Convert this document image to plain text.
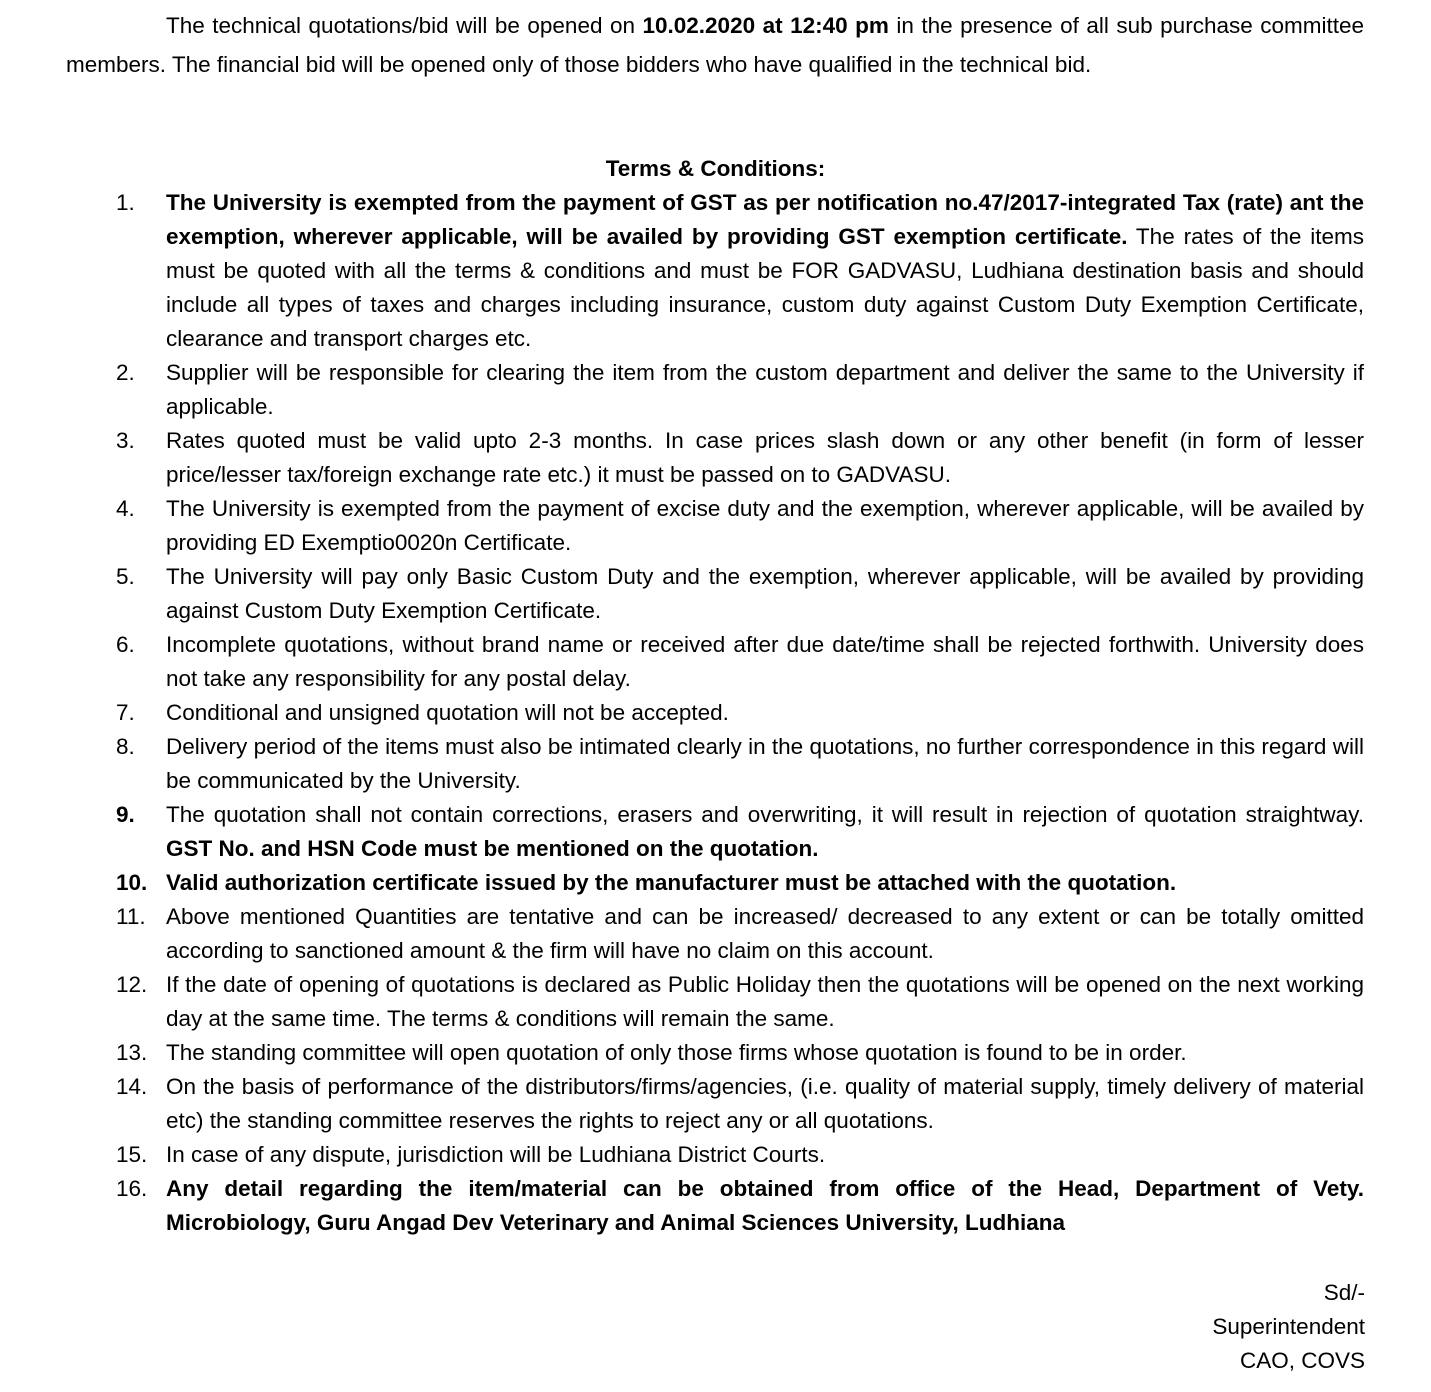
The technical quotations/bid will be opened on 10.02.2020 at 12:40 pm in the presence of all sub purchase committee members. The financial bid will be opened only of those bidders who have qualified in the technical bid.

Terms & Conditions:
1. The University is exempted from the payment of GST as per notification no.47/2017-integrated Tax (rate) ant the exemption, wherever applicable, will be availed by providing GST exemption certificate. The rates of the items must be quoted with all the terms & conditions and must be FOR GADVASU, Ludhiana destination basis and should include all types of taxes and charges including insurance, custom duty against Custom Duty Exemption Certificate, clearance and transport charges etc.
2. Supplier will be responsible for clearing the item from the custom department and deliver the same to the University if applicable.
3. Rates quoted must be valid upto 2-3 months. In case prices slash down or any other benefit (in form of lesser price/lesser tax/foreign exchange rate etc.) it must be passed on to GADVASU.
4. The University is exempted from the payment of excise duty and the exemption, wherever applicable, will be availed by providing ED Exemptio0020n Certificate.
5. The University will pay only Basic Custom Duty and the exemption, wherever applicable, will be availed by providing against Custom Duty Exemption Certificate.
6. Incomplete quotations, without brand name or received after due date/time shall be rejected forthwith. University does not take any responsibility for any postal delay.
7. Conditional and unsigned quotation will not be accepted.
8. Delivery period of the items must also be intimated clearly in the quotations, no further correspondence in this regard will be communicated by the University.
9. The quotation shall not contain corrections, erasers and overwriting, it will result in rejection of quotation straightway. GST No. and HSN Code must be mentioned on the quotation.
10. Valid authorization certificate issued by the manufacturer must be attached with the quotation.
11. Above mentioned Quantities are tentative and can be increased/ decreased to any extent or can be totally omitted according to sanctioned amount & the firm will have no claim on this account.
12. If the date of opening of quotations is declared as Public Holiday then the quotations will be opened on the next working day at the same time. The terms & conditions will remain the same.
13. The standing committee will open quotation of only those firms whose quotation is found to be in order.
14. On the basis of performance of the distributors/firms/agencies, (i.e. quality of material supply, timely delivery of material etc) the standing committee reserves the rights to reject any or all quotations.
15. In case of any dispute, jurisdiction will be Ludhiana District Courts.
16. Any detail regarding the item/material can be obtained from office of the Head, Department of Vety. Microbiology, Guru Angad Dev Veterinary and Animal Sciences University, Ludhiana
Sd/-
Superintendent
CAO, COVS
